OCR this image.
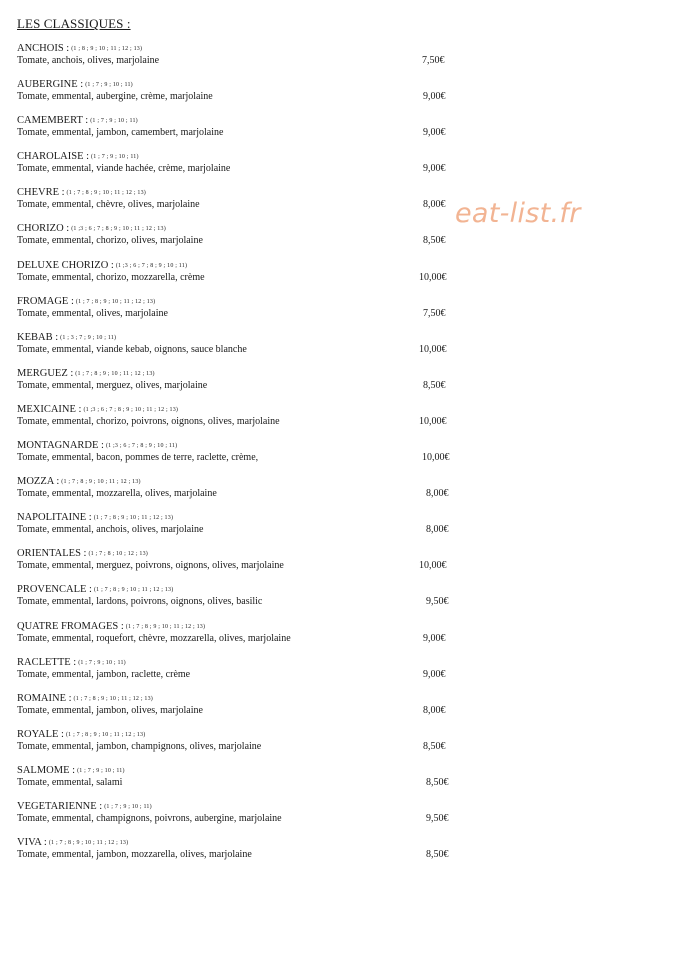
LES CLASSIQUES :
ANCHOIS : (1 ; 8 ; 9 ; 10 ; 11 ; 12 ; 13)
Tomate, anchois, olives, marjolaine	7,50€
AUBERGINE : (1 ; 7 ; 9 ; 10 ; 11)
Tomate, emmental, aubergine, crème, marjolaine	9,00€
CAMEMBERT : (1 ; 7 ; 9 ; 10 ; 11)
Tomate, emmental, jambon, camembert, marjolaine	9,00€
CHAROLAISE : (1 ; 7 ; 9 ; 10 ; 11)
Tomate, emmental, viande hachée, crème, marjolaine	9,00€
CHEVRE : (1 ; 7 ; 8 ; 9 ; 10 ; 11 ; 12 ; 13)
Tomate, emmental, chèvre, olives, marjolaine	8,00€
CHORIZO : (1 ;3 ; 6 ; 7 ; 8 ; 9 ; 10 ; 11 ; 12 ; 13)
Tomate, emmental, chorizo, olives, marjolaine	8,50€
DELUXE CHORIZO : (1 ;3 ; 6 ; 7 ; 8 ; 9 ; 10 ; 11)
Tomate, emmental, chorizo, mozzarella, crème	10,00€
FROMAGE : (1 ; 7 ; 8 ; 9 ; 10 ; 11 ; 12 ; 13)
Tomate, emmental, olives, marjolaine	7,50€
KEBAB : (1 ; 3 ; 7 ; 9 ; 10 ; 11)
Tomate, emmental, viande kebab, oignons, sauce blanche	10,00€
MERGUEZ : (1 ; 7 ; 8 ; 9 ; 10 ; 11 ; 12 ; 13)
Tomate, emmental, merguez, olives, marjolaine	8,50€
MEXICAINE : (1 ;3 ; 6 ; 7 ; 8 ; 9 ; 10 ; 11 ; 12 ; 13)
Tomate, emmental, chorizo, poivrons, oignons, olives, marjolaine	10,00€
MONTAGNARDE : (1 ;3 ; 6 ; 7 ; 8 ; 9 ; 10 ; 11)
Tomate, emmental, bacon, pommes de terre, raclette, crème,	10,00€
MOZZA : (1 ; 7 ; 8 ; 9 ; 10 ; 11 ; 12 ; 13)
Tomate, emmental, mozzarella, olives, marjolaine	8,00€
NAPOLITAINE : (1 ; 7 ; 8 ; 9 ; 10 ; 11 ; 12 ; 13)
Tomate, emmental, anchois, olives, marjolaine	8,00€
ORIENTALES : (1 ; 7 ; 8 ; 10 ; 12 ; 13)
Tomate, emmental, merguez, poivrons, oignons, olives, marjolaine	10,00€
PROVENCALE : (1 ; 7 ; 8 ; 9 ; 10 ; 11 ; 12 ; 13)
Tomate, emmental, lardons, poivrons, oignons, olives, basilic	9,50€
QUATRE FROMAGES : (1 ; 7 ; 8 ; 9 ; 10 ; 11 ; 12 ; 13)
Tomate, emmental, roquefort, chèvre, mozzarella, olives, marjolaine	9,00€
RACLETTE : (1 ; 7 ; 9 ; 10 ; 11)
Tomate, emmental, jambon, raclette, crème	9,00€
ROMAINE : (1 ; 7 ; 8 ; 9 ; 10 ; 11 ; 12 ; 13)
Tomate, emmental, jambon, olives, marjolaine	8,00€
ROYALE : (1 ; 7 ; 8 ; 9 ; 10 ; 11 ; 12 ; 13)
Tomate, emmental, jambon, champignons, olives, marjolaine	8,50€
SALMOME : (1 ; 7 ; 9 ; 10 ; 11)
Tomate, emmental, salami	8,50€
VEGETARIENNE : (1 ; 7 ; 9 ; 10 ; 11)
Tomate, emmental, champignons, poivrons, aubergine, marjolaine	9,50€
VIVA : (1 ; 7 ; 8 ; 9 ; 10 ; 11 ; 12 ; 13)
Tomate, emmental, jambon, mozzarella, olives, marjolaine	8,50€
eat-list.fr
